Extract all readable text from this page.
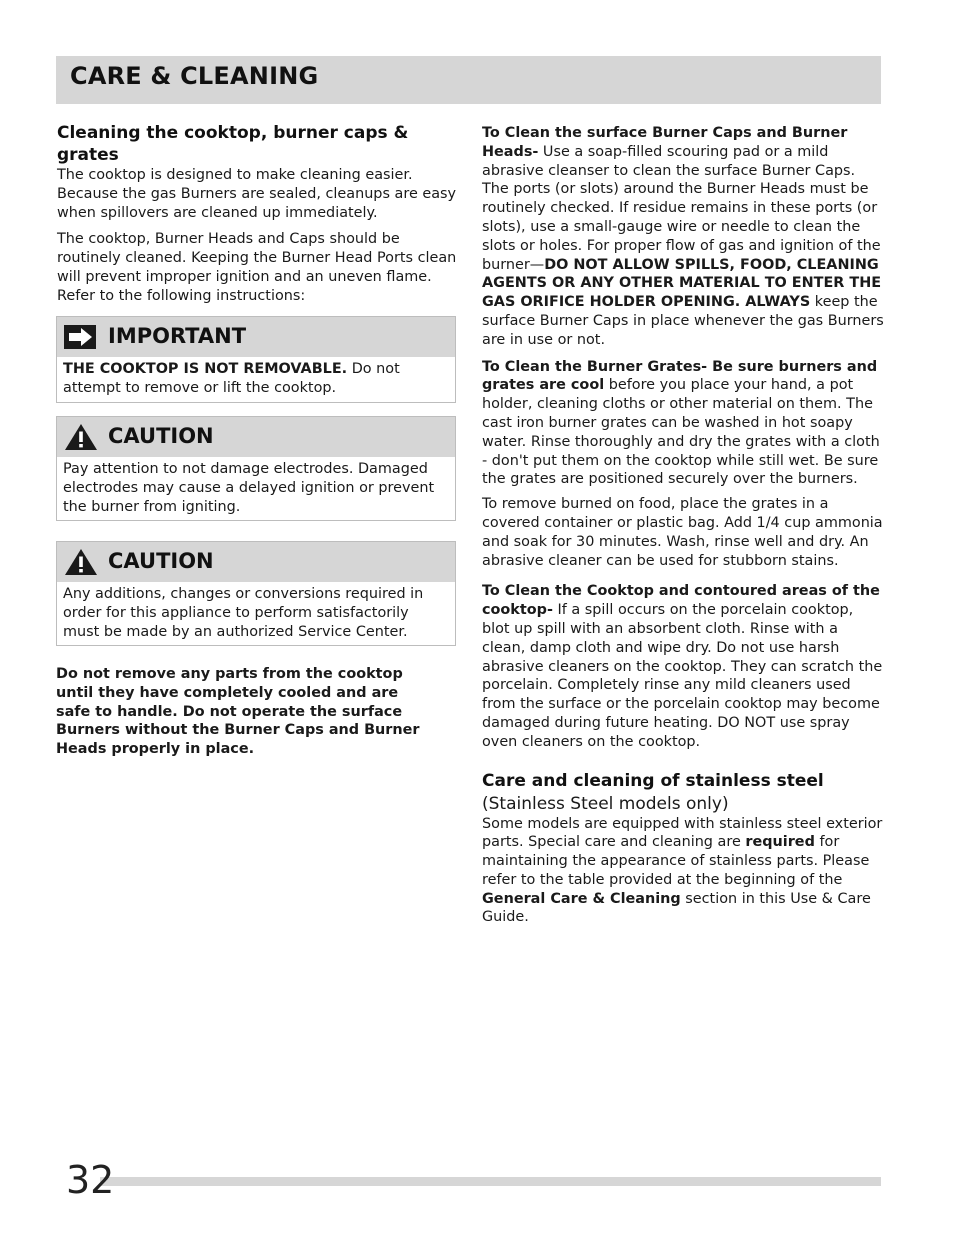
CARE & CLEANING
Cleaning the cooktop, burner caps & grates

The cooktop is designed to make cleaning easier. Because the gas Burners are sealed, cleanups are easy when spillovers are cleaned up immediately.

The cooktop, Burner Heads and Caps should be routinely cleaned. Keeping the Burner Head Ports clean will prevent improper ignition and an uneven flame. Refer to the following instructions:

IMPORTANT

THE COOKTOP IS NOT REMOVABLE. Do not attempt to remove or lift the cooktop.

CAUTION

Pay attention to not damage electrodes. Damaged electrodes may cause a delayed ignition or prevent the burner from igniting.

CAUTION

Any additions, changes or conversions required in order for this appliance to perform satisfactorily must be made by an authorized Service Center.

Do not remove any parts from the cooktop until they have completely cooled and are safe to handle. Do not operate the surface Burners without the Burner Caps and Burner Heads properly in place.

To Clean the surface Burner Caps and Burner Heads- Use a soap-filled scouring pad or a mild abrasive cleanser to clean the surface Burner Caps. The ports (or slots) around the Burner Heads must be routinely checked. If residue remains in these ports (or slots), use a small-gauge wire or needle to clean the slots or holes. For proper flow of gas and ignition of the burner—DO NOT ALLOW SPILLS, FOOD, CLEANING AGENTS OR ANY OTHER MATERIAL TO ENTER THE GAS ORIFICE HOLDER OPENING. ALWAYS keep the surface Burner Caps in place whenever the gas Burners are in use or not.

To Clean the Burner Grates- Be sure burners and grates are cool before you place your hand, a pot holder, cleaning cloths or other material on them. The cast iron burner grates can be washed in hot soapy water. Rinse thoroughly and dry the grates with a cloth - don't put them on the cooktop while still wet. Be sure the grates are positioned securely over the burners.

To remove burned on food, place the grates in a covered container or plastic bag. Add 1/4 cup ammonia and soak for 30 minutes. Wash, rinse well and dry. An abrasive cleaner can be used for stubborn stains.

To Clean the Cooktop and contoured areas of the cooktop- If a spill occurs on the porcelain cooktop, blot up spill with an absorbent cloth. Rinse with a clean, damp cloth and wipe dry. Do not use harsh abrasive cleaners on the cooktop. They can scratch the porcelain. Completely rinse any mild cleaners used from the surface or the porcelain cooktop may become damaged during future heating. DO NOT use spray oven cleaners on the cooktop.

Care and cleaning of stainless steel
(Stainless Steel models only)

Some models are equipped with stainless steel exterior parts. Special care and cleaning are required for maintaining the appearance of stainless parts. Please refer to the table provided at the beginning of the General Care & Cleaning section in this Use & Care Guide.

32
